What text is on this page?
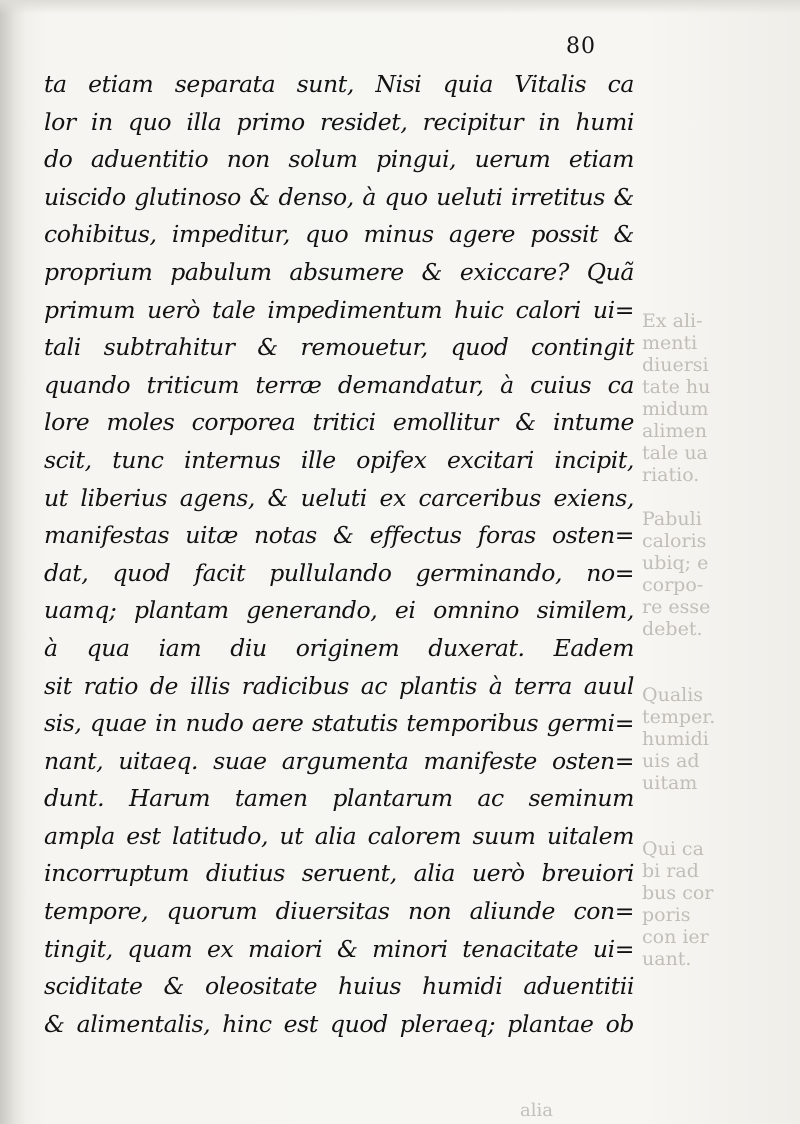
80
ta etiam separata sunt, Nisi quia Vitalis ca
lor in quo illa primo residet, recipitur in humi
do aduentitio non solum pingui, uerum etiam
uiscido glutinoso & denso, à quo ueluti irretitus &
cohibitus, impeditur, quo minus agere possit &
proprium pabulum absumere & exiccare? Quã
primum uerò tale impedimentum huic calori ui=
tali subtrahitur & remouetur, quod contingit
quando triticum terræ demandatur, à cuius ca
lore moles corporea tritici emollitur & intume
scit, tunc internus ille opifex excitari incipit,
ut liberius agens, & ueluti ex carceribus exiens,
manifestas uitæ notas & effectus foras osten=
dat, quod facit pullulando germinando, no=
uamq; plantam generando, ei omnino similem,
à qua iam diu originem duxerat. Eadem
sit ratio de illis radicibus ac plantis à terra auul
sis, quae in nudo aere statutis temporibus germi=
nant, uitaeq. suae argumenta manifeste osten=
dunt. Harum tamen plantarum ac seminum
ampla est latitudo, ut alia calorem suum uitalem
incorruptum diutius seruent, alia uerò breuiori
tempore, quorum diuersitas non aliunde con=
tingit, quam ex maiori & minori tenacitate ui=
sciditate & oleositate huius humidi aduentitii
& alimentalis, hinc est quod pleraeq; plantae ob
Ex ali-
menti
diuersi
tate hu
midum
alimen
tale ua
riatio.
Pabuli
caloris
ubiq; e
corpo-
re esse
debet.
Qualis
temper.
humidi
uis ad
uitam
Qui ca
bi rad
bus cor
poris
con ier
uant.
alia
